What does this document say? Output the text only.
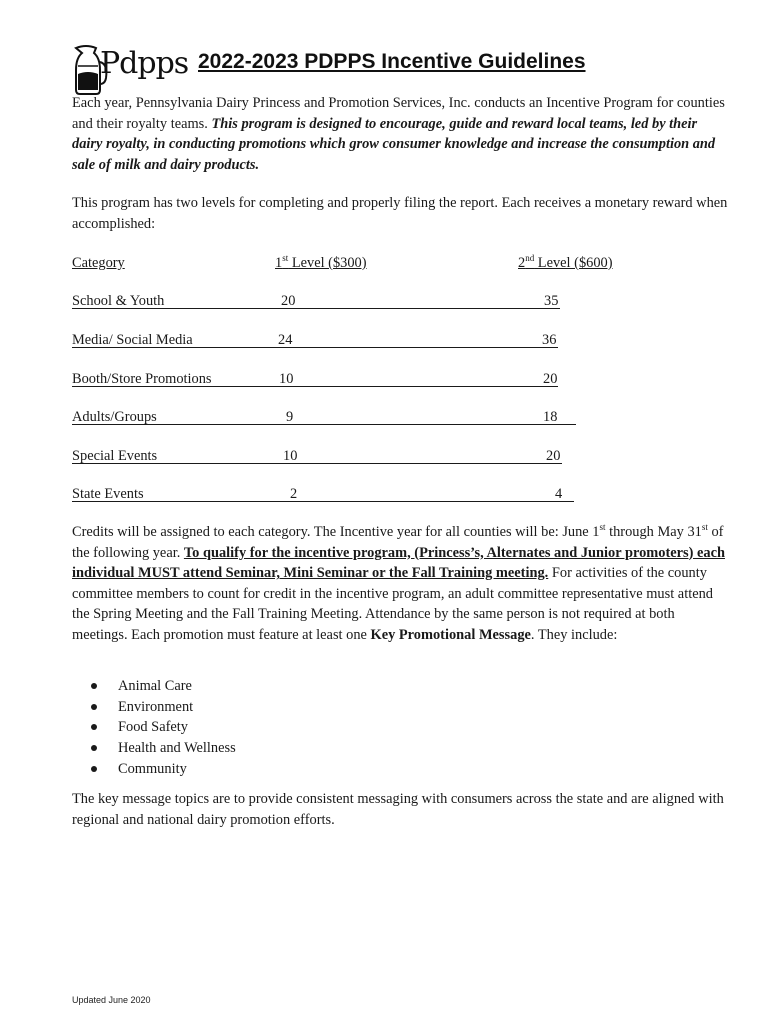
Pdpps 2022-2023 PDPPS Incentive Guidelines

Each year, Pennsylvania Dairy Princess and Promotion Services, Inc. conducts an Incentive Program for counties and their royalty teams. This program is designed to encourage, guide and reward local teams, led by their dairy royalty, in conducting promotions which grow consumer knowledge and increase the consumption and sale of milk and dairy products.

This program has two levels for completing and properly filing the report. Each receives a monetary reward when accomplished:

Category	1st Level ($300)	2nd Level ($600)
School & Youth	20	35
Media/ Social Media	24	36
Booth/Store Promotions	10	20
Adults/Groups	9	18
Special Events	10	20
State Events	2	4

Credits will be assigned to each category. The Incentive year for all counties will be: June 1st through May 31st of the following year. To qualify for the incentive program, (Princess’s, Alternates and Junior promoters) each individual MUST attend Seminar, Mini Seminar or the Fall Training meeting. For activities of the county committee members to count for credit in the incentive program, an adult committee representative must attend the Spring Meeting and the Fall Training Meeting. Attendance by the same person is not required at both meetings. Each promotion must feature at least one Key Promotional Message. They include:

Animal Care
Environment
Food Safety
Health and Wellness
Community

The key message topics are to provide consistent messaging with consumers across the state and are aligned with regional and national dairy promotion efforts.

Updated June 2020
